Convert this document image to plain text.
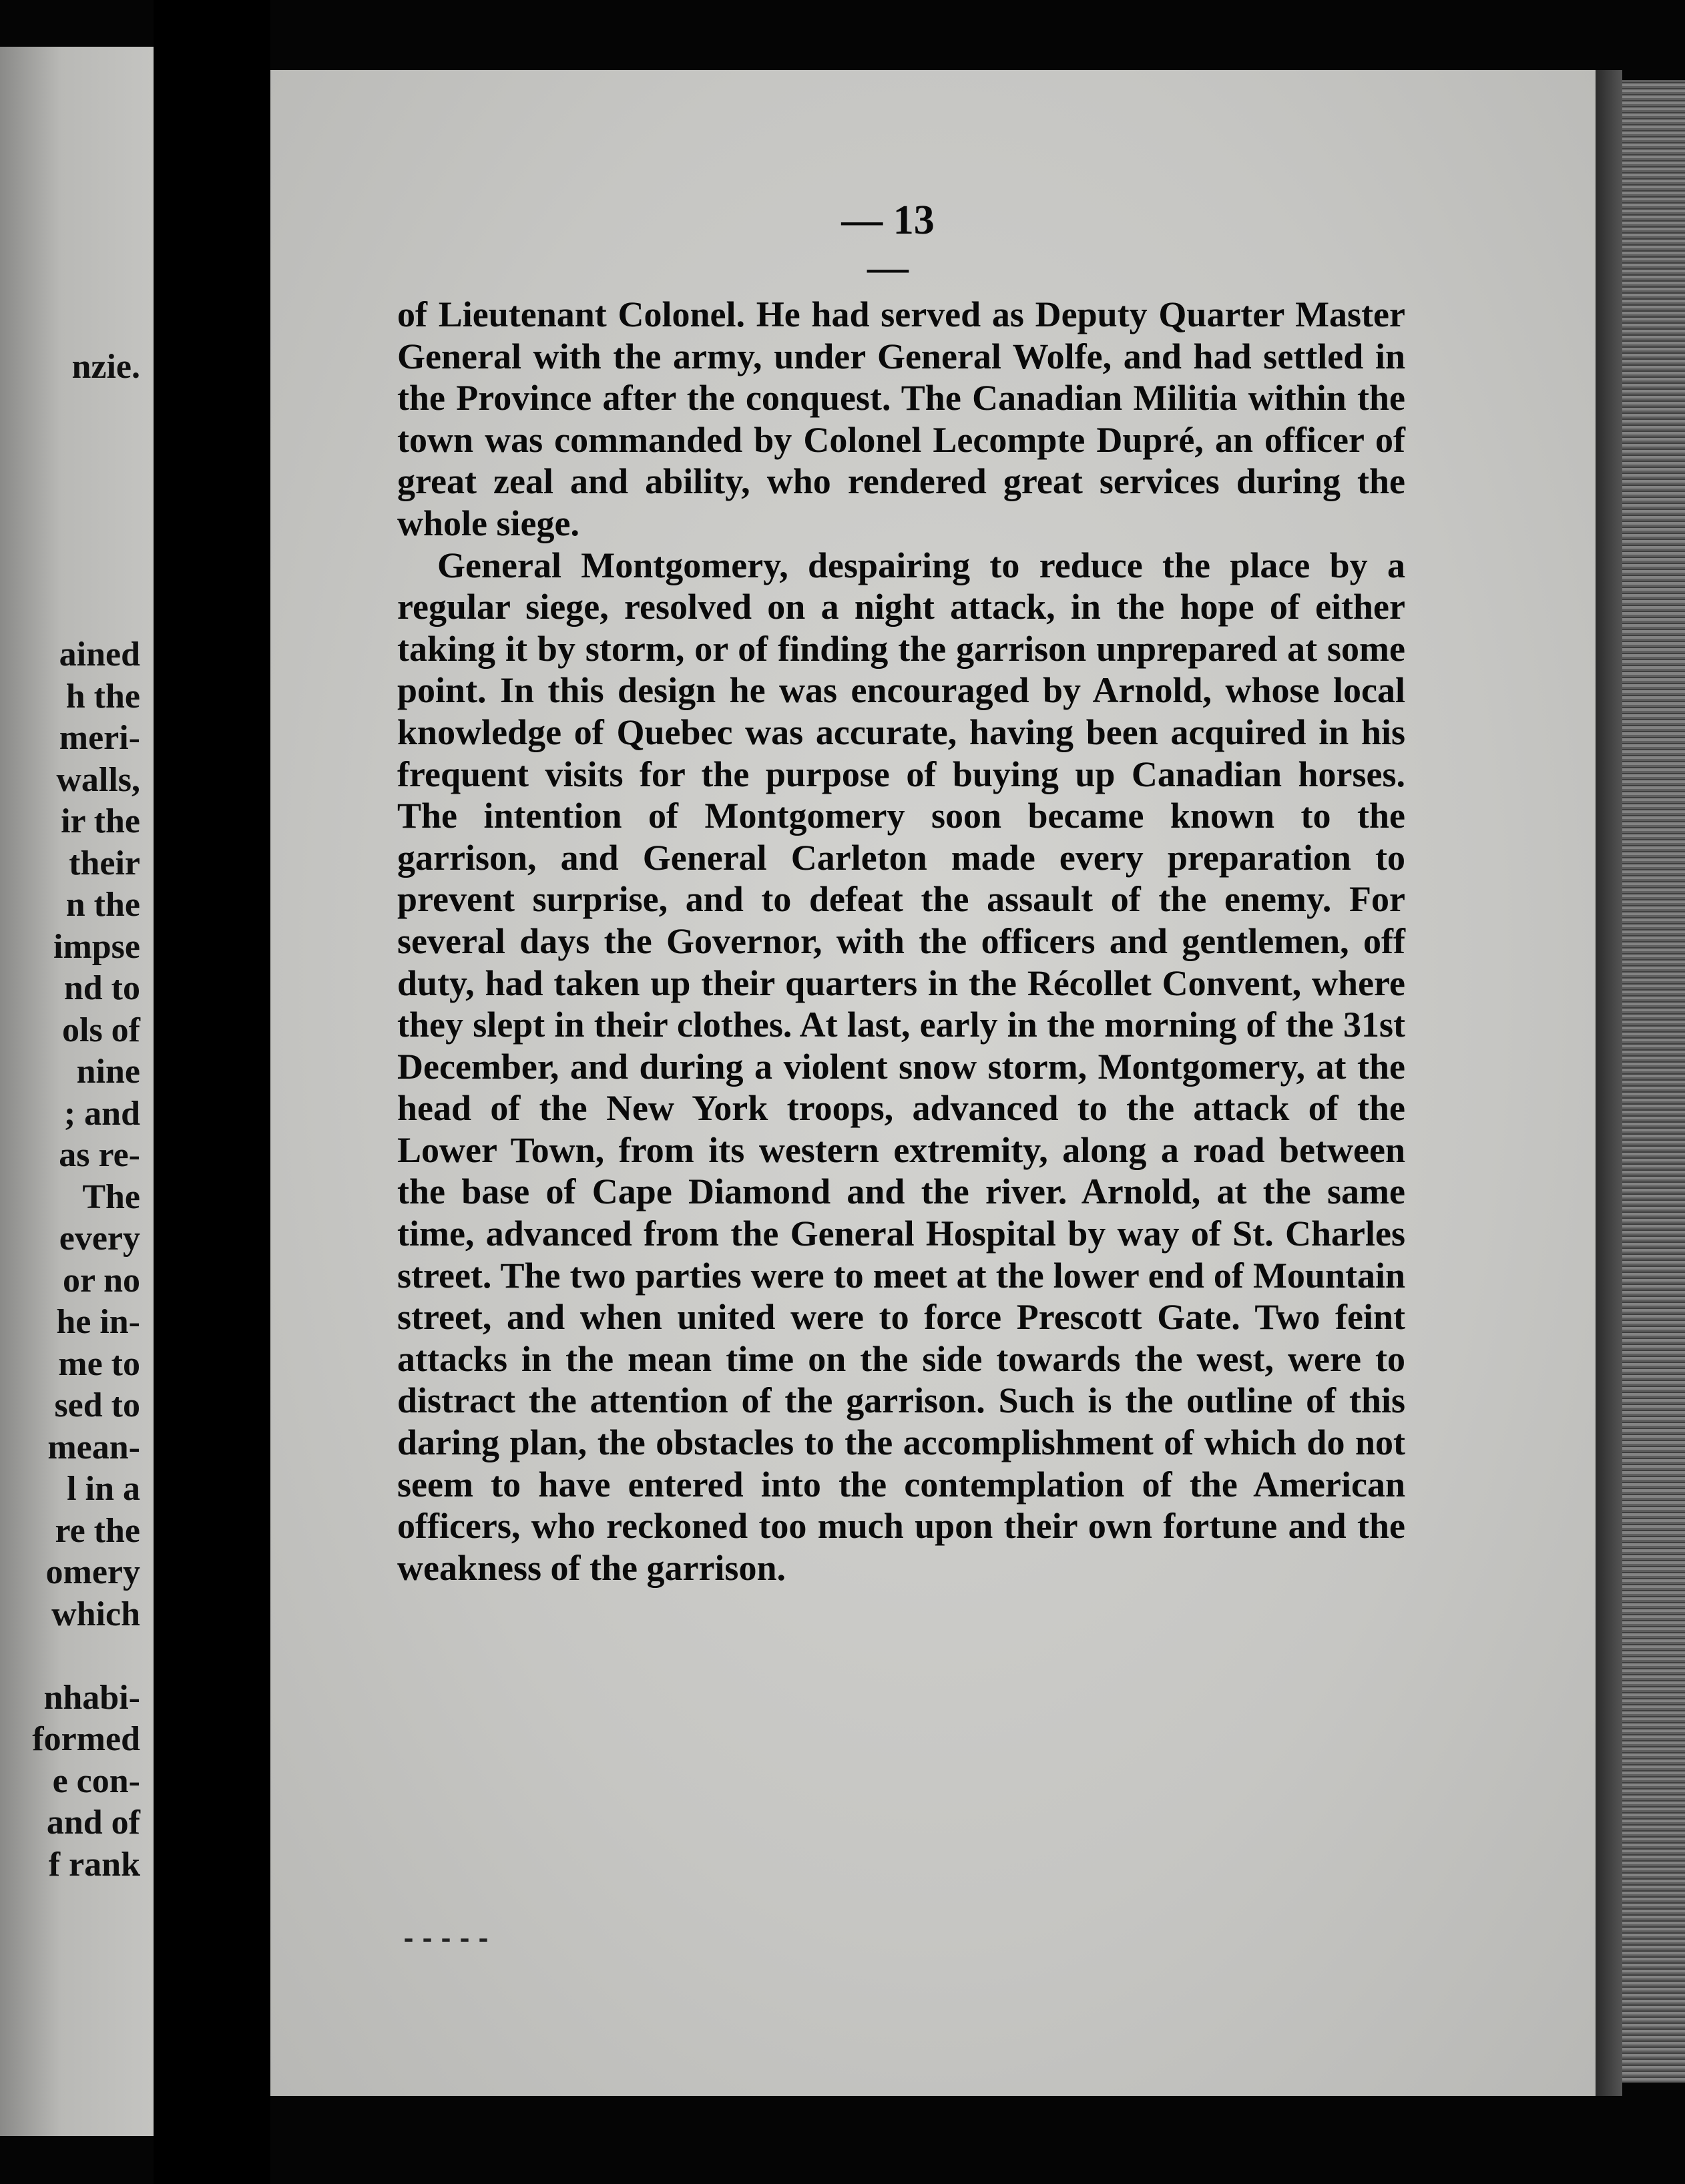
nzie.
ained
h the
meri-
walls,
ir the
their
n the
impse
nd to
ols of
nine
; and
as re-
The
every
or no
he in-
me to
sed to
mean-
l in a
re the
omery
which

nhabi-
formed
e con-
and of
f rank
— 13 —

of Lieutenant Colonel. He had served as Deputy Quarter Master General with the army, under General Wolfe, and had settled in the Province after the conquest. The Canadian Militia within the town was commanded by Colonel Lecompte Dupré, an officer of great zeal and ability, who rendered great services during the whole siege.

General Montgomery, despairing to reduce the place by a regular siege, resolved on a night attack, in the hope of either taking it by storm, or of finding the garrison unprepared at some point. In this design he was encouraged by Arnold, whose local knowledge of Quebec was accurate, having been acquired in his frequent visits for the purpose of buying up Canadian horses. The intention of Montgomery soon became known to the garrison, and General Carleton made every preparation to prevent surprise, and to defeat the assault of the enemy. For several days the Governor, with the officers and gentlemen, off duty, had taken up their quarters in the Récollet Convent, where they slept in their clothes. At last, early in the morning of the 31st December, and during a violent snow storm, Montgomery, at the head of the New York troops, advanced to the attack of the Lower Town, from its western extremity, along a road between the base of Cape Diamond and the river. Arnold, at the same time, advanced from the General Hospital by way of St. Charles street. The two parties were to meet at the lower end of Mountain street, and when united were to force Prescott Gate. Two feint attacks in the mean time on the side towards the west, were to distract the attention of the garrison. Such is the outline of this daring plan, the obstacles to the accomplishment of which do not seem to have entered into the contemplation of the American officers, who reckoned too much upon their own fortune and the weakness of the garrison.

-----
